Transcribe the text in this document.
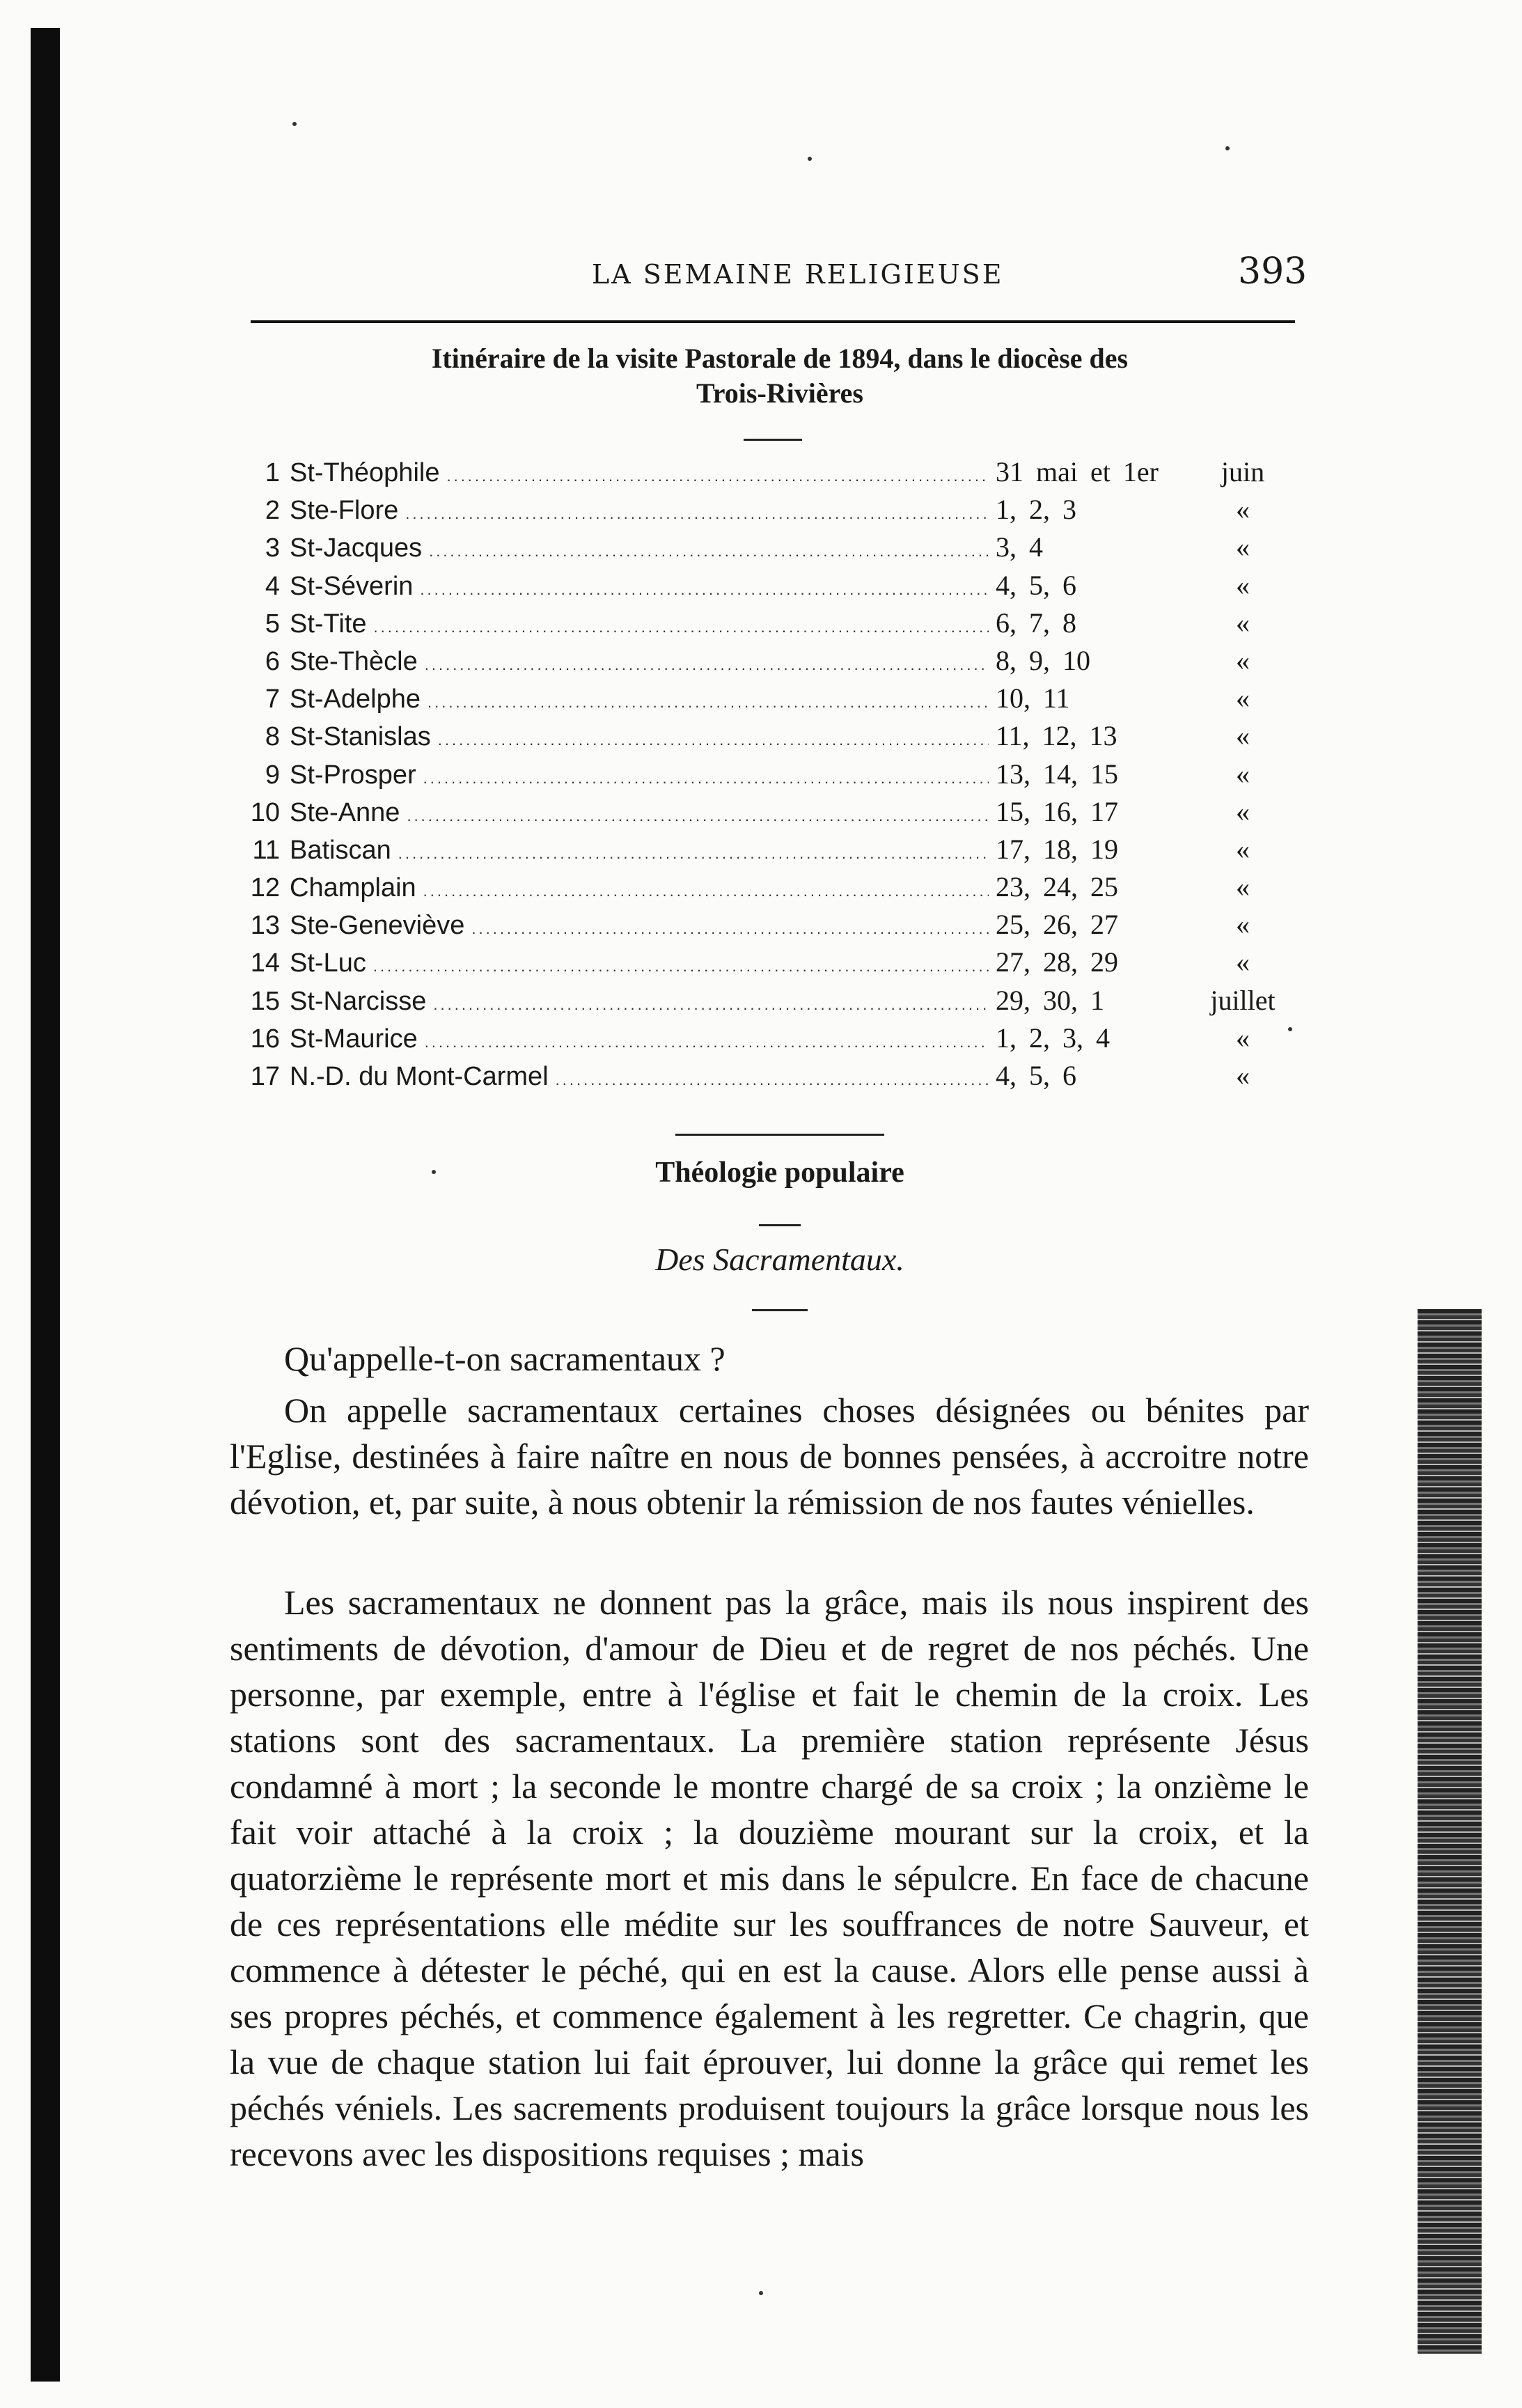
LA SEMAINE RELIGIEUSE	393
Itinéraire de la visite Pastorale de 1894, dans le diocèse des
Trois-Rivières
1 St-Théophile .....	31 mai et 1er	juin
2 Ste-Flore .....	1, 2, 3	«
3 St-Jacques .....	3, 4	«
4 St-Séverin .....	4, 5, 6	«
5 St-Tite .....	6, 7, 8	«
6 Ste-Thècle .....	8, 9, 10	«
7 St-Adelphe .....	10, 11	«
8 St-Stanislas .....	11, 12, 13	«
9 St-Prosper .....	13, 14, 15	«
10 Ste-Anne .....	15, 16, 17	«
11 Batiscan .....	17, 18, 19	«
12 Champlain .....	23, 24, 25	«
13 Ste-Geneviève .....	25, 26, 27	«
14 St-Luc .....	27, 28, 29	«
15 St-Narcisse .....	29, 30, 1	juillet
16 St-Maurice .....	1, 2, 3, 4	«
17 N.-D. du Mont-Carmel .....	4, 5, 6	«
Théologie populaire
Des Sacramentaux.

Qu'appelle-t-on sacramentaux ?

On appelle sacramentaux certaines choses désignées ou bénites par l'Eglise, destinées à faire naître en nous de bonnes pensées, à accroitre notre dévotion, et, par suite, à nous obtenir la rémission de nos fautes vénielles.

Les sacramentaux ne donnent pas la grâce, mais ils nous inspirent des sentiments de dévotion, d'amour de Dieu et de regret de nos péchés. Une personne, par exemple, entre à l'église et fait le chemin de la croix. Les stations sont des sacramentaux. La première station représente Jésus condamné à mort ; la seconde le montre chargé de sa croix ; la onzième le fait voir attaché à la croix ; la douzième mourant sur la croix, et la quatorzième le représente mort et mis dans le sépulcre. En face de chacune de ces représentations elle médite sur les souffrances de notre Sauveur, et commence à détester le péché, qui en est la cause. Alors elle pense aussi à ses propres péchés, et commence également à les regretter. Ce chagrin, que la vue de chaque station lui fait éprouver, lui donne la grâce qui remet les péchés véniels. Les sacrements produisent toujours la grâce lorsque nous les recevons avec les dispositions requises ; mais
